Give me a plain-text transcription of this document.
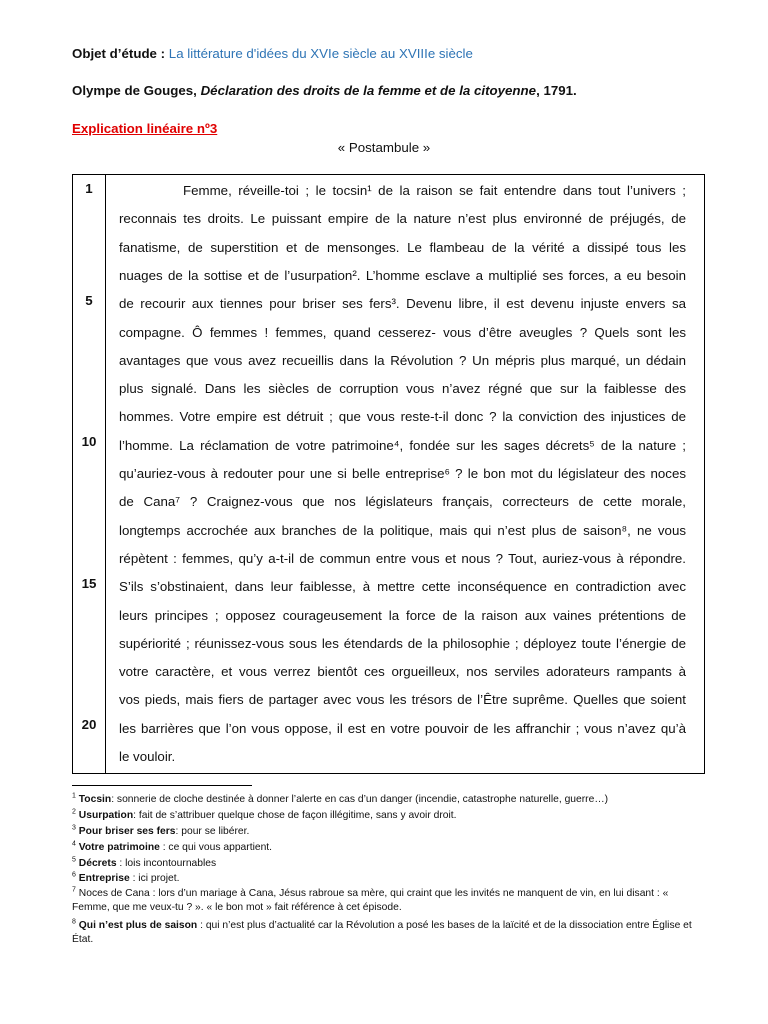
Objet d’étude : La littérature d'idées du XVIe siècle au XVIIIe siècle
Olympe de Gouges, Déclaration des droits de la femme et de la citoyenne, 1791.
Explication linéaire nº3
« Postambule »
1
5
10
15
20
Femme, réveille-toi ; le tocsin¹ de la raison se fait entendre dans tout l’univers ;
reconnais tes droits. Le puissant empire de la nature n’est plus environné de préjugés, de
fanatisme, de superstition et de mensonges. Le flambeau de la vérité a dissipé tous les
nuages de la sottise et de l’usurpation². L’homme esclave a multiplié ses forces, a eu besoin
de recourir aux tiennes pour briser ses fers³. Devenu libre, il est devenu injuste envers sa
compagne. Ô femmes ! femmes, quand cesserez- vous d’être aveugles ? Quels sont les
avantages que vous avez recueillis dans la Révolution ? Un mépris plus marqué, un dédain
plus signalé. Dans les siècles de corruption vous n’avez régné que sur la faiblesse des
hommes. Votre empire est détruit ; que vous reste-t-il donc ? la conviction des injustices de
l’homme. La réclamation de votre patrimoine⁴, fondée sur les sages décrets⁵ de la nature ;
qu’auriez-vous à redouter pour une si belle entreprise⁶ ? le bon mot du législateur des noces
de Cana⁷ ? Craignez-vous que nos législateurs français, correcteurs de cette morale,
longtemps accrochée aux branches de la politique, mais qui n’est plus de saison⁸, ne vous
répètent : femmes, qu’y a-t-il de commun entre vous et nous ? Tout, auriez-vous à répondre.
S’ils s’obstinaient, dans leur faiblesse, à mettre cette inconséquence en contradiction avec
leurs principes ; opposez courageusement la force de la raison aux vaines prétentions de
supériorité ; réunissez-vous sous les étendards de la philosophie ; déployez toute l’énergie de
votre caractère, et vous verrez bientôt ces orgueilleux, nos serviles adorateurs rampants à
vos pieds, mais fiers de partager avec vous les trésors de l’Être suprême. Quelles que soient
les barrières que l’on vous oppose, il est en votre pouvoir de les affranchir ; vous n’avez qu’à
le vouloir.
$^1$ Tocsin: sonnerie de cloche destinée à donner l’alerte en cas d’un danger (incendie, catastrophe naturelle, guerre…)
$^2$ Usurpation: fait de s’attribuer quelque chose de façon illégitime, sans y avoir droit.
$^3$ Pour briser ses fers: pour se libérer.
$^4$ Votre patrimoine : ce qui vous appartient.
$^5$ Décrets : lois incontournables
$^6$ Entreprise : ici projet.
$^7$ Noces de Cana : lors d’un mariage à Cana, Jésus rabroue sa mère, qui craint que les invités ne manquent de vin, en lui disant : « Femme, que me veux-tu ? ». « le bon mot » fait référence à cet épisode.
$^8$ Qui n’est plus de saison : qui n’est plus d’actualité car la Révolution a posé les bases de la laïcité et de la dissociation entre Église et État.
